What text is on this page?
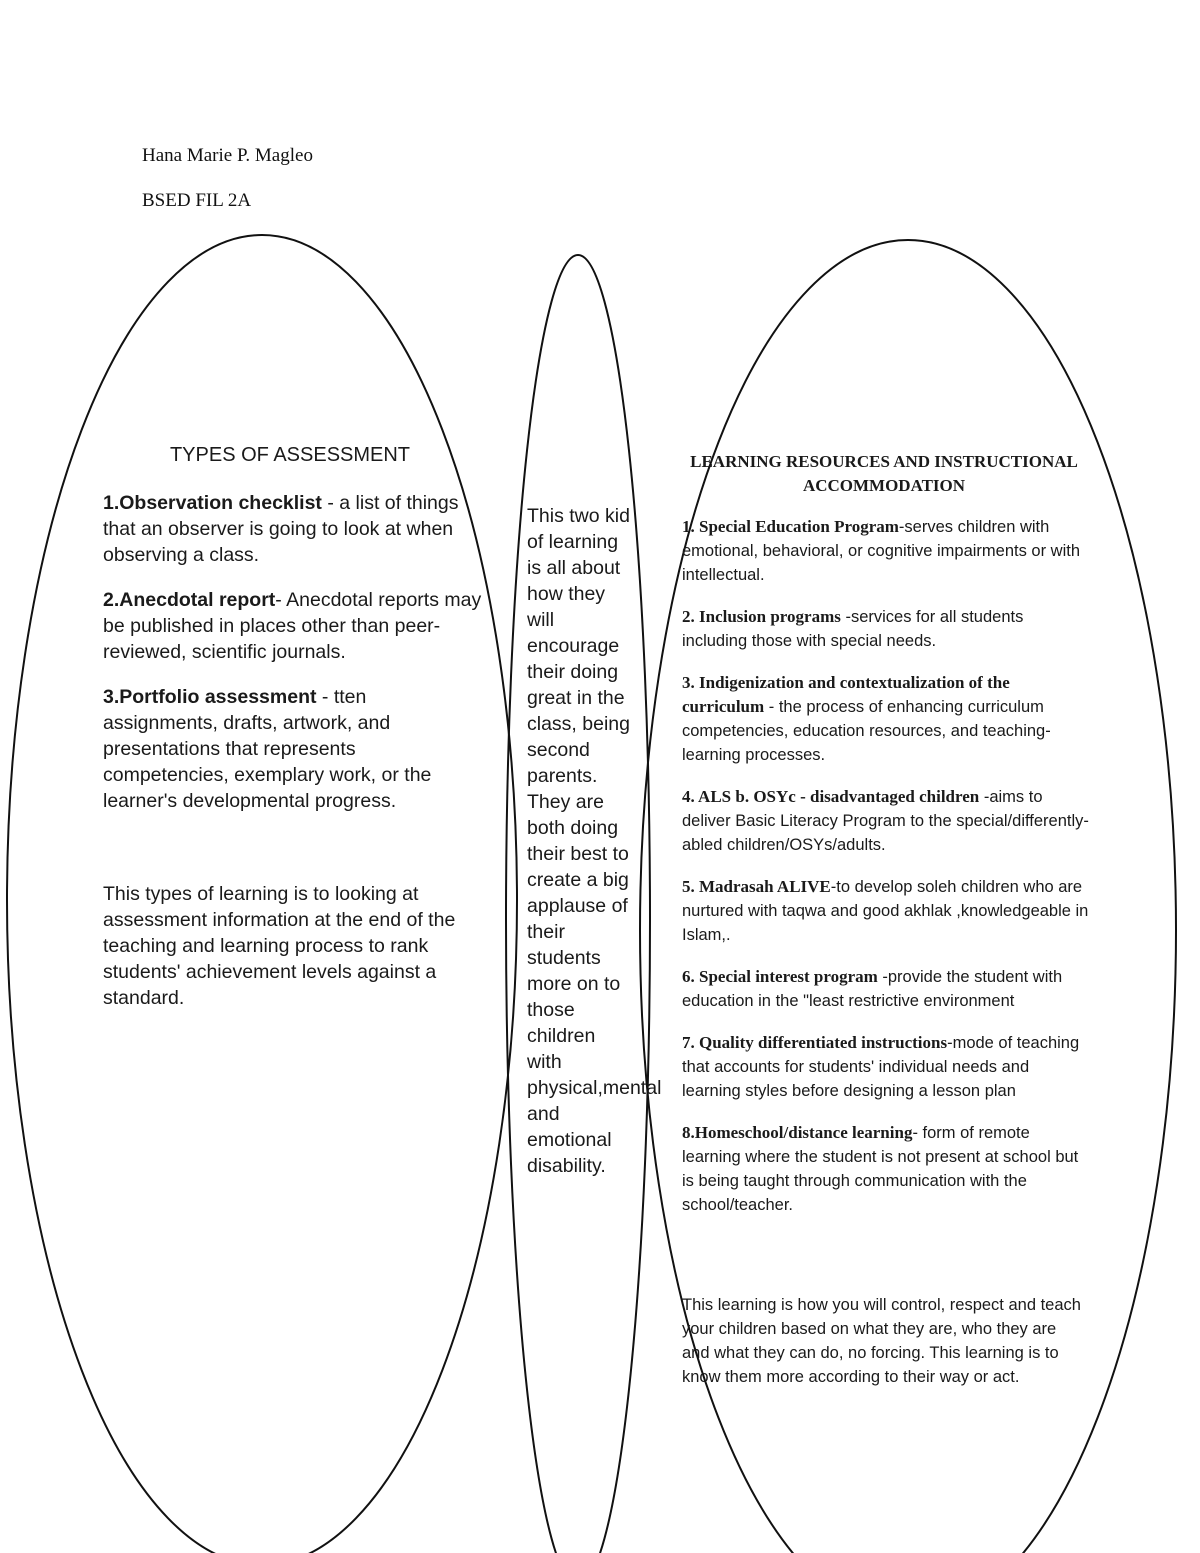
Hana Marie P. Magleo
BSED FIL 2A
TYPES OF ASSESSMENT

1.Observation checklist - a list of things that an observer is going to look at when observing a class.

2.Anecdotal report- Anecdotal reports may be published in places other than peer-reviewed, scientific journals.

3.Portfolio assessment - tten assignments, drafts, artwork, and presentations that represents competencies, exemplary work, or the learner's developmental progress.

This types of learning is to looking at assessment information at the end of the teaching and learning process to rank students' achievement levels against a standard.

This two kid of learning is all about how they will encourage their doing great in the class, being second parents. They are both doing their best to create a big applause of their students more on to those children with physical,mental and emotional disability.

LEARNING RESOURCES AND INSTRUCTIONAL ACCOMMODATION

1. Special Education Program-serves children with emotional, behavioral, or cognitive impairments or with intellectual.

2. Inclusion programs -services for all students including those with special needs.

3. Indigenization and contextualization of the curriculum - the process of enhancing curriculum competencies, education resources, and teaching-learning processes.

4. ALS b. OSYc - disadvantaged children -aims to deliver Basic Literacy Program to the special/differently-abled children/OSYs/adults.

5. Madrasah ALIVE-to develop soleh children who are nurtured with taqwa and good akhlak ,knowledgeable in Islam,.

6. Special interest program -provide the student with education in the "least restrictive environment

7. Quality differentiated instructions-mode of teaching that accounts for students' individual needs and learning styles before designing a lesson plan

8.Homeschool/distance learning- form of remote learning where the student is not present at school but is being taught through communication with the school/teacher.

This learning is how you will control, respect and teach your children based on what they are, who they are and what they can do, no forcing. This learning is to know them more according to their way or act.
